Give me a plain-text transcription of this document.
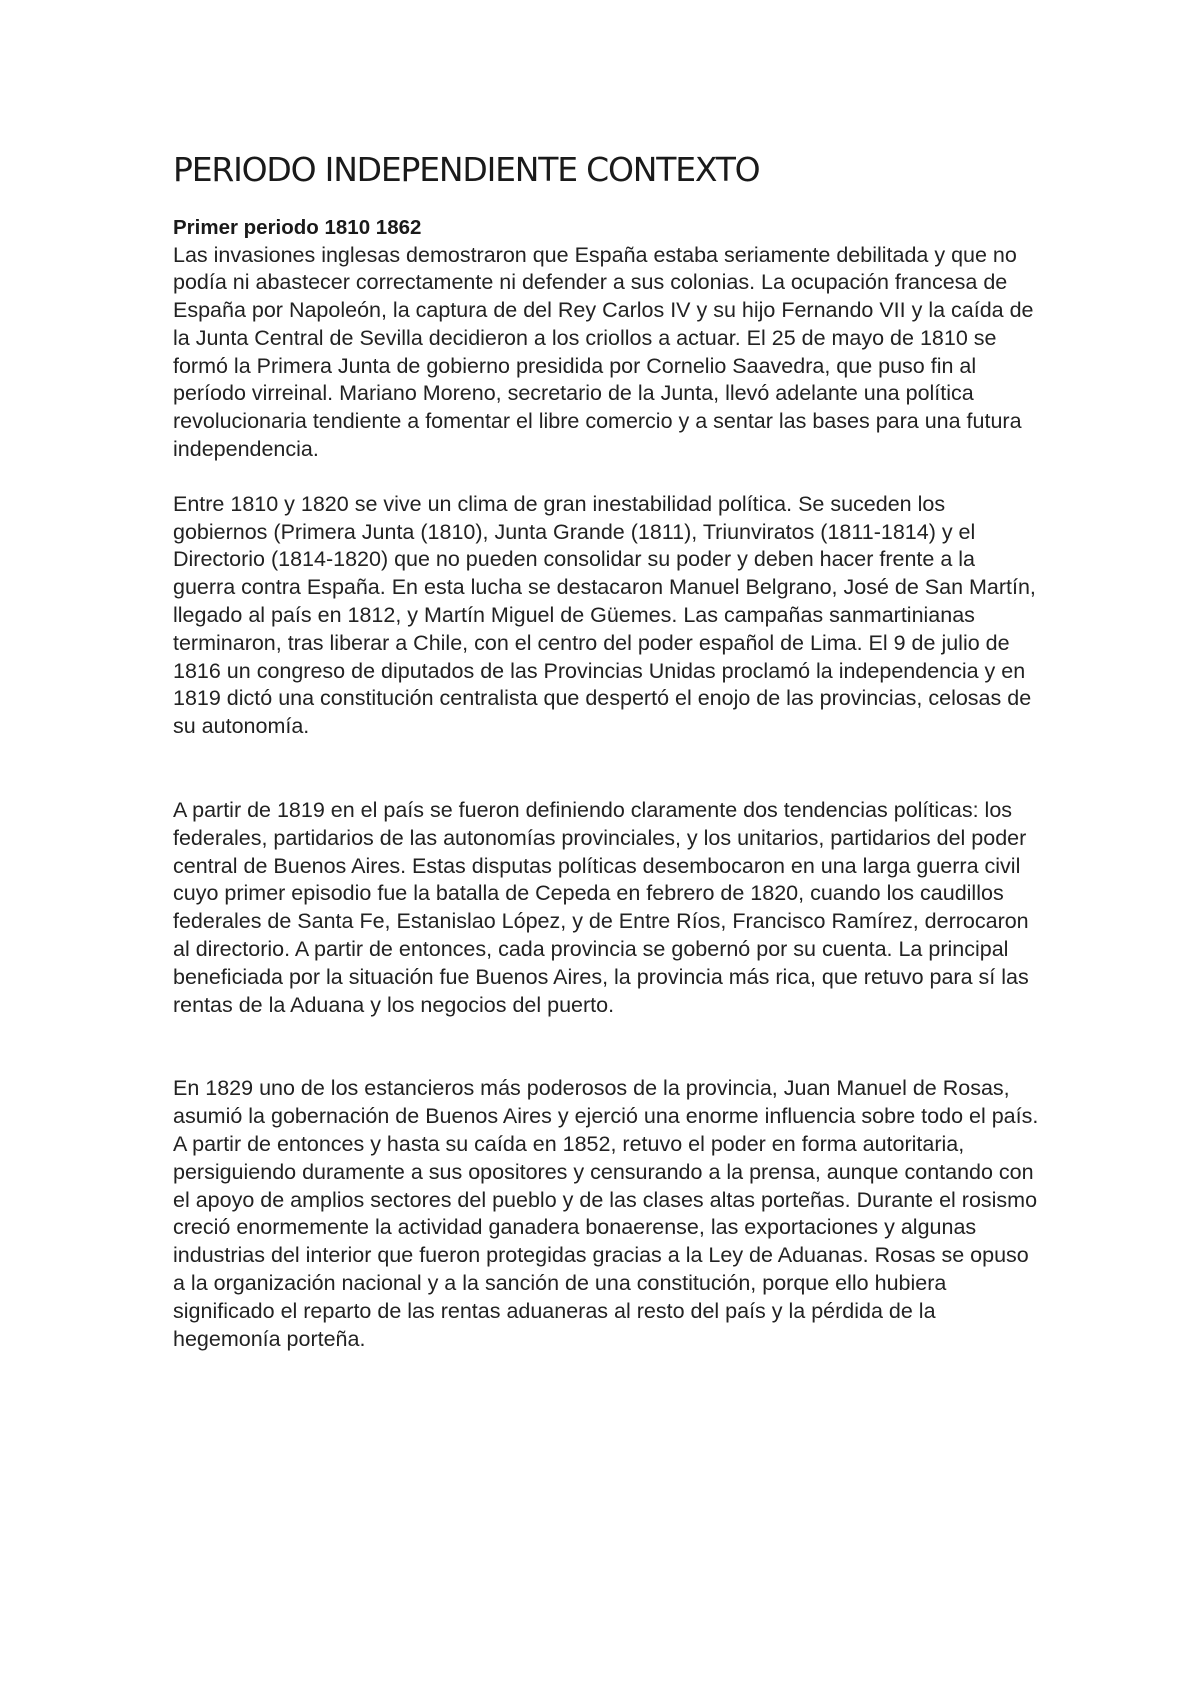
PERIODO INDEPENDIENTE CONTEXTO

Primer periodo 1810 1862

Las invasiones inglesas demostraron que España estaba seriamente debilitada y que no podía ni abastecer correctamente ni defender a sus colonias. La ocupación francesa de España por Napoleón, la captura de del Rey Carlos IV y su hijo Fernando VII y la caída de la Junta Central de Sevilla decidieron a los criollos a actuar. El 25 de mayo de 1810 se formó la Primera Junta de gobierno presidida por Cornelio Saavedra, que puso fin al período virreinal. Mariano Moreno, secretario de la Junta, llevó adelante una política revolucionaria tendiente a fomentar el libre comercio y a sentar las bases para una futura independencia.

Entre 1810 y 1820 se vive un clima de gran inestabilidad política. Se suceden los gobiernos (Primera Junta (1810), Junta Grande (1811), Triunviratos (1811-1814) y el Directorio (1814-1820) que no pueden consolidar su poder y deben hacer frente a la guerra contra España. En esta lucha se destacaron Manuel Belgrano, José de San Martín, llegado al país en 1812, y Martín Miguel de Güemes. Las campañas sanmartinianas terminaron, tras liberar a Chile, con el centro del poder español de Lima. El 9 de julio de 1816 un congreso de diputados de las Provincias Unidas proclamó la independencia y en 1819 dictó una constitución centralista que despertó el enojo de las provincias, celosas de su autonomía.

A partir de 1819 en el país se fueron definiendo claramente dos tendencias políticas: los federales, partidarios de las autonomías provinciales, y los unitarios, partidarios del poder central de Buenos Aires. Estas disputas políticas desembocaron en una larga guerra civil cuyo primer episodio fue la batalla de Cepeda en febrero de 1820, cuando los caudillos federales de Santa Fe, Estanislao López, y de Entre Ríos, Francisco Ramírez, derrocaron al directorio. A partir de entonces, cada provincia se gobernó por su cuenta. La principal beneficiada por la situación fue Buenos Aires, la provincia más rica, que retuvo para sí las rentas de la Aduana y los negocios del puerto.

En 1829 uno de los estancieros más poderosos de la provincia, Juan Manuel de Rosas, asumió la gobernación de Buenos Aires y ejerció una enorme influencia sobre todo el país. A partir de entonces y hasta su caída en 1852, retuvo el poder en forma autoritaria, persiguiendo duramente a sus opositores y censurando a la prensa, aunque contando con el apoyo de amplios sectores del pueblo y de las clases altas porteñas. Durante el rosismo creció enormemente la actividad ganadera bonaerense, las exportaciones y algunas industrias del interior que fueron protegidas gracias a la Ley de Aduanas. Rosas se opuso a la organización nacional y a la sanción de una constitución, porque ello hubiera significado el reparto de las rentas aduaneras al resto del país y la pérdida de la hegemonía porteña.
